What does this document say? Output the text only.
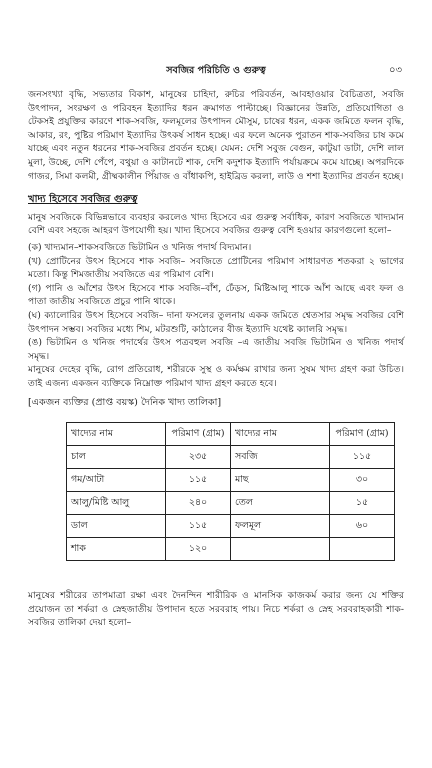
সবজির পরিচিতি ও গুরুত্ব	০৩

জনসংখ্যা বৃদ্ধি, সভ্যতার বিকাশ, মানুষের চাহিদা, রুচির পরিবর্তন, আবহাওয়ার বৈচিত্রতা, সবজি উৎপাদন, সংরক্ষণ ও পরিবহন ইত্যাদির ধরন ক্রমাগত পাল্টাচ্ছে। বিজ্ঞানের উন্নতি, প্রতিযোগিতা ও টেকসই প্রযুক্তির কারণে শাক-সবজি, ফলমূলের উৎপাদন মৌসুম, চাষের ধরন, একক জমিতে ফলন বৃদ্ধি, আকার, রং, পুষ্টির পরিমাণ ইত্যাদির উৎকর্ষ সাধন হচ্ছে। এর ফলে অনেক পুরাতন শাক-সবজির চাষ কমে যাচ্ছে এবং নতুন ধরনের শাক-সবজির প্রবর্তন হচ্ছে। যেমন: দেশি সবুজ বেগুন, কাটুয়া ডাটা, দেশি লাল মুলা, উচ্ছে, দেশি পেঁপে, বথুয়া ও কাটানটে শাক, দেশি কদুশাক ইত্যাদি পর্যায়ক্রমে কমে যাচ্ছে। অপরদিকে গাজর, সিমা কলমী, গ্রীষ্মকালীন পিঁয়াজ ও বাঁধাকপি, হাইব্রিড করলা, লাউ ও শশা ইত্যাদির প্রবর্তন হচ্ছে।

খাদ্য হিসেবে সবজির গুরুত্ব

মানুষ সবজিকে বিভিন্নভাবে ব্যবহার করলেও খাদ্য হিসেবে এর গুরুত্ব সর্বাধিক, কারণ সবজিতে খাদ্যমান বেশি এবং সহজে আহরণ উপযোগী হয়। খাদ্য হিসেবে সবজির গুরুত্ব বেশি হওয়ার কারণগুলো হলো–

(ক) খাদ্যমান–শাকসবজিতে ভিটামিন ও খনিজ পদার্থ বিদ্যমান।

(খ) প্রোটিনের উৎস হিসেবে শাক সবজি– সবজিতে প্রোটিনের পরিমাণ সাধারণত শতকরা ২ ভাগের মতো। কিন্তু শিমজাতীয় সবজিতে এর পরিমাণ বেশি।

(গ) পানি ও আঁশের উৎস হিসেবে শাক সবজি–বাঁশ, ঢেঁড়স, মিষ্টিআলু শাকে আঁশ আছে এবং ফল ও পাতা জাতীয় সবজিতে প্রচুর পানি থাকে।

(ঘ) ক্যালোরির উৎস হিসেবে সবজি– দানা ফসলের তুলনায় একক জমিতে শ্বেতসার সমৃদ্ধ সবজির বেশি উৎপাদন সম্ভব। সবজির মধ্যে শিম, মটরশুটি, কাঠালের বীজ ইত্যাদি যথেষ্ট ক্যালরি সমৃদ্ধ।

(ঙ) ভিটামিন ও খনিজ পদার্থের উৎস পত্রবহুল সবজি –এ জাতীয় সবজি ভিটামিন ও খনিজ পদার্থ সমৃদ্ধ।

মানুষের দেহের বৃদ্ধি, রোগ প্রতিরোধ, শরীরকে সুস্থ ও কর্মক্ষম রাখার জন্য সুষম খাদ্য গ্রহণ করা উচিত। তাই এজন্য একজন ব্যক্তিকে নিম্নোক্ত পরিমাণ খাদ্য গ্রহণ করতে হবে।

[একজন ব্যক্তির (প্রাপ্ত বয়স্ক) দৈনিক খাদ্য তালিকা]
খাদ্যের নাম	পরিমাণ (গ্রাম)	খাদ্যের নাম	পরিমাণ (গ্রাম)
চাল	২৩৫	সবজি	১১৫
গম/আটা	১১৫	মাছ	৩০
আলু/মিষ্টি আলু	২৪০	তেল	১৫
ডাল	১১৫	ফলমূল	৬০
শাক	১২০		

মানুষের শরীরের তাপমাত্রা রক্ষা এবং দৈনন্দিন শারীরিক ও মানসিক কাজকর্ম করার জন্য যে শক্তির প্রয়োজন তা শর্করা ও স্নেহজাতীয় উপাদান হতে সরবরাহ পায়। নিচে শর্করা ও স্নেহ সরবরাহকারী শাক-সবজির তালিকা দেয়া হলো–
